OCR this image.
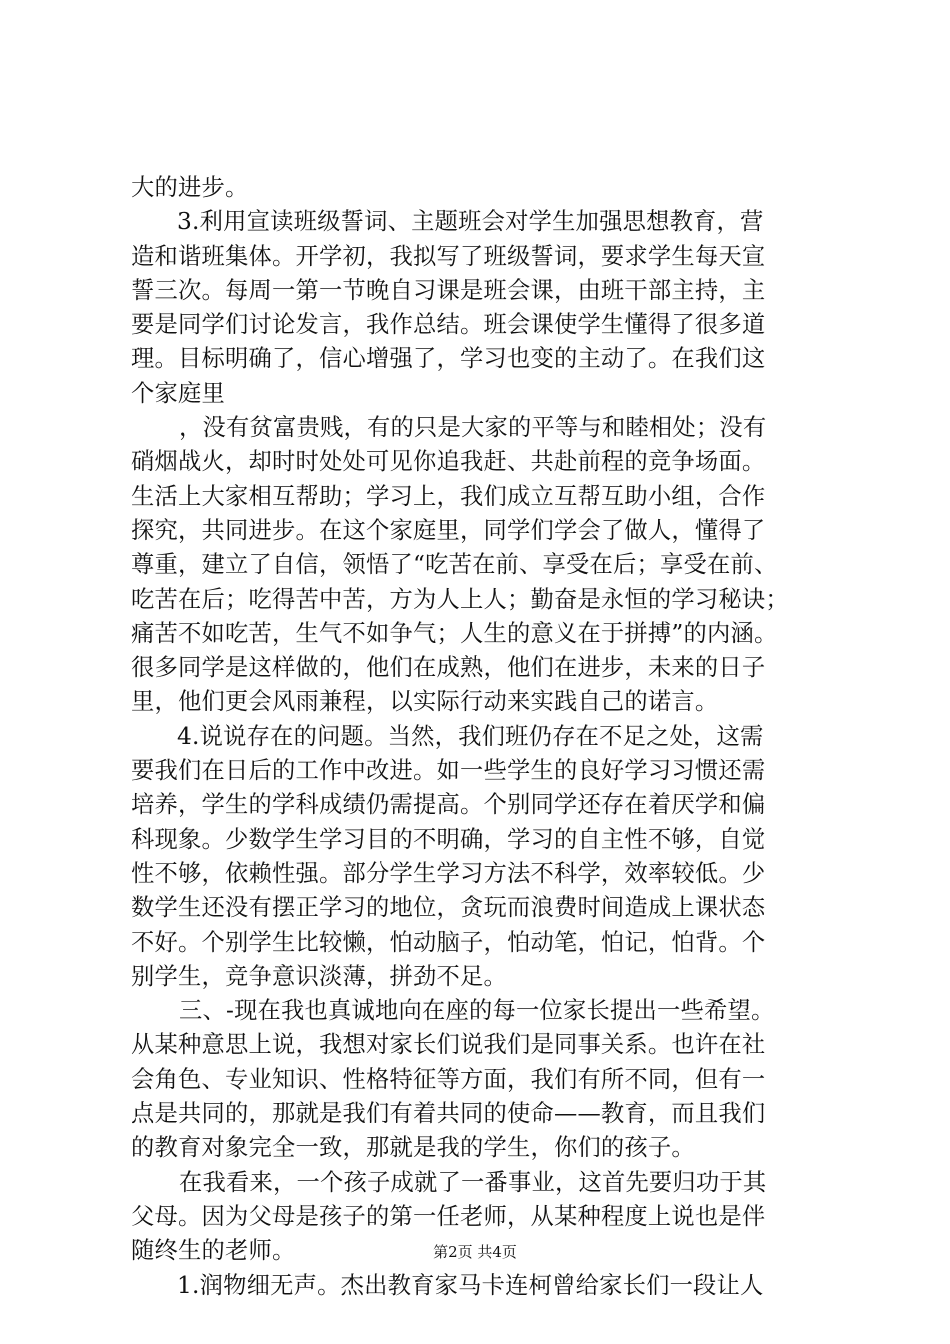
大的进步。
3.利用宣读班级誓词、主题班会对学生加强思想教育，营
造和谐班集体。开学初，我拟写了班级誓词，要求学生每天宣
誓三次。每周一第一节晚自习课是班会课，由班干部主持，主
要是同学们讨论发言，我作总结。班会课使学生懂得了很多道
理。目标明确了，信心增强了，学习也变的主动了。在我们这
个家庭里
，没有贫富贵贱，有的只是大家的平等与和睦相处；没有
硝烟战火，却时时处处可见你追我赶、共赴前程的竞争场面。
生活上大家相互帮助；学习上，我们成立互帮互助小组，合作
探究，共同进步。在这个家庭里，同学们学会了做人，懂得了
尊重，建立了自信，领悟了“吃苦在前、享受在后；享受在前、
吃苦在后；吃得苦中苦，方为人上人；勤奋是永恒的学习秘诀；
痛苦不如吃苦，生气不如争气；人生的意义在于拼搏”的内涵。
很多同学是这样做的，他们在成熟，他们在进步，未来的日子
里，他们更会风雨兼程，以实际行动来实践自己的诺言。
4.说说存在的问题。当然，我们班仍存在不足之处，这需
要我们在日后的工作中改进。如一些学生的良好学习习惯还需
培养，学生的学科成绩仍需提高。个别同学还存在着厌学和偏
科现象。少数学生学习目的不明确，学习的自主性不够，自觉
性不够，依赖性强。部分学生学习方法不科学，效率较低。少
数学生还没有摆正学习的地位，贪玩而浪费时间造成上课状态
不好。个别学生比较懒，怕动脑子，怕动笔，怕记，怕背。个
别学生，竞争意识淡薄，拼劲不足。
三、-现在我也真诚地向在座的每一位家长提出一些希望。
从某种意思上说，我想对家长们说我们是同事关系。也许在社
会角色、专业知识、性格特征等方面，我们有所不同，但有一
点是共同的，那就是我们有着共同的使命——教育，而且我们
的教育对象完全一致，那就是我的学生，你们的孩子。
在我看来，一个孩子成就了一番事业，这首先要归功于其
父母。因为父母是孩子的第一任老师，从某种程度上说也是伴
随终生的老师。
1.润物细无声。杰出教育家马卡连柯曾给家长们一段让人
第2页 共4页
